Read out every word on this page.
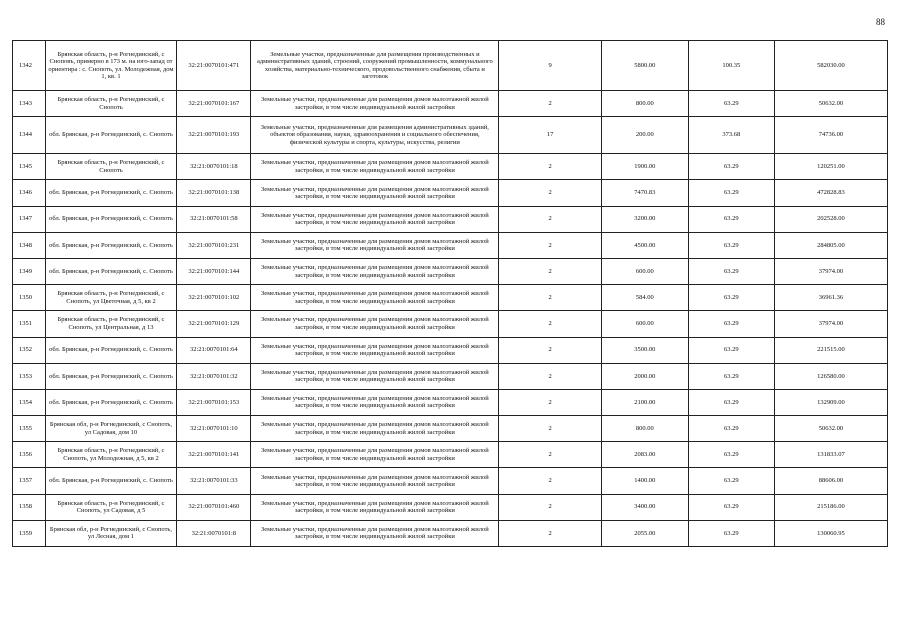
88
1342	Брянская область, р-н Рогнединский, с Сноповъ, примерно в 173 м. на юго-запад от ориентира : с. Снопоть, ул. Молодежная, дом 1, кв. 1	32:21:0070101:471	Земельные участки, предназначенные для размещения производственных и административных зданий, строений, сооружений промышленности, коммунального хозяйства, материально-технического, продовольственного снабжения, сбыта и заготовок	9	5800.00	100.35	582030.00
1343	Брянская область, р-н Рогнединский, с Снопоть	32:21:0070101:167	Земельные участки, предназначенные для размещения домов малоэтажной жилой застройки, в том числе индивидуальной жилой застройки	2	800.00	63.29	50632.00
1344	обл. Брянская, р-н Рогнединский, с. Снопоть	32:21:0070101:193	Земельные участки, предназначенные для размещения административных зданий, объектов образования, науки, здравоохранения и социального обеспечения, физической культуры и спорта, культуры, искусства, религии	17	200.00	373.68	74736.00
1345	Брянская область, р-н Рогнединский, с Снопоть	32:21:0070101:18	Земельные участки, предназначенные для размещения домов малоэтажной жилой застройки, в том числе индивидуальной жилой застройки	2	1900.00	63.29	120251.00
1346	обл. Брянская, р-н Рогнединский, с. Снопоть	32:21:0070101:138	Земельные участки, предназначенные для размещения домов малоэтажной жилой застройки, в том числе индивидуальной жилой застройки	2	7470.83	63.29	472828.83
1347	обл. Брянская, р-н Рогнединский, с. Снопоть	32:21:0070101:58	Земельные участки, предназначенные для размещения домов малоэтажной жилой застройки, в том числе индивидуальной жилой застройки	2	3200.00	63.29	202528.00
1348	обл. Брянская, р-н Рогнединский, с. Снопоть	32:21:0070101:231	Земельные участки, предназначенные для размещения домов малоэтажной жилой застройки, в том числе индивидуальной жилой застройки	2	4500.00	63.29	284805.00
1349	обл. Брянская, р-н Рогнединский, с. Снопоть	32:21:0070101:144	Земельные участки, предназначенные для размещения домов малоэтажной жилой застройки, в том числе индивидуальной жилой застройки	2	600.00	63.29	37974.00
1350	Брянская область, р-н Рогнединский, с Снопоть, ул Цветочная, д 5, кв 2	32:21:0070101:102	Земельные участки, предназначенные для размещения домов малоэтажной жилой застройки, в том числе индивидуальной жилой застройки	2	584.00	63.29	36961.36
1351	Брянская область, р-н Рогнединский, с Снопоть, ул Центральная, д 13	32:21:0070101:129	Земельные участки, предназначенные для размещения домов малоэтажной жилой застройки, в том числе индивидуальной жилой застройки	2	600.00	63.29	37974.00
1352	обл. Брянская, р-н Рогнединский, с. Снопоть	32:21:0070101:64	Земельные участки, предназначенные для размещения домов малоэтажной жилой застройки, в том числе индивидуальной жилой застройки	2	3500.00	63.29	221515.00
1353	обл. Брянская, р-н Рогнединский, с. Снопоть	32:21:0070101:32	Земельные участки, предназначенные для размещения домов малоэтажной жилой застройки, в том числе индивидуальной жилой застройки	2	2000.00	63.29	126580.00
1354	обл. Брянская, р-н Рогнединский, с. Снопоть	32:21:0070101:153	Земельные участки, предназначенные для размещения домов малоэтажной жилой застройки, в том числе индивидуальной жилой застройки	2	2100.00	63.29	132909.00
1355	Брянская обл, р-н Рогнединский, с Снопоть, ул Садовая, дом 10	32:21:0070101:10	Земельные участки, предназначенные для размещения домов малоэтажной жилой застройки, в том числе индивидуальной жилой застройки	2	800.00	63.29	50632.00
1356	Брянская область, р-н Рогнединский, с Снопоть, ул Молодежная, д 5, кв 2	32:21:0070101:141	Земельные участки, предназначенные для размещения домов малоэтажной жилой застройки, в том числе индивидуальной жилой застройки	2	2083.00	63.29	131833.07
1357	обл. Брянская, р-н Рогнединский, с. Снопоть	32:21:0070101:33	Земельные участки, предназначенные для размещения домов малоэтажной жилой застройки, в том числе индивидуальной жилой застройки	2	1400.00	63.29	88606.00
1358	Брянская область, р-н Рогнединский, с Снопоть, ул Садовая, д 5	32:21:0070101:460	Земельные участки, предназначенные для размещения домов малоэтажной жилой застройки, в том числе индивидуальной жилой застройки	2	3400.00	63.29	215186.00
1359	Брянская обл, р-н Рогнединский, с Снопоть, ул Лесная, дом 1	32:21:0070101:8	Земельные участки, предназначенные для размещения домов малоэтажной жилой застройки, в том числе индивидуальной жилой застройки	2	2055.00	63.29	130060.95
